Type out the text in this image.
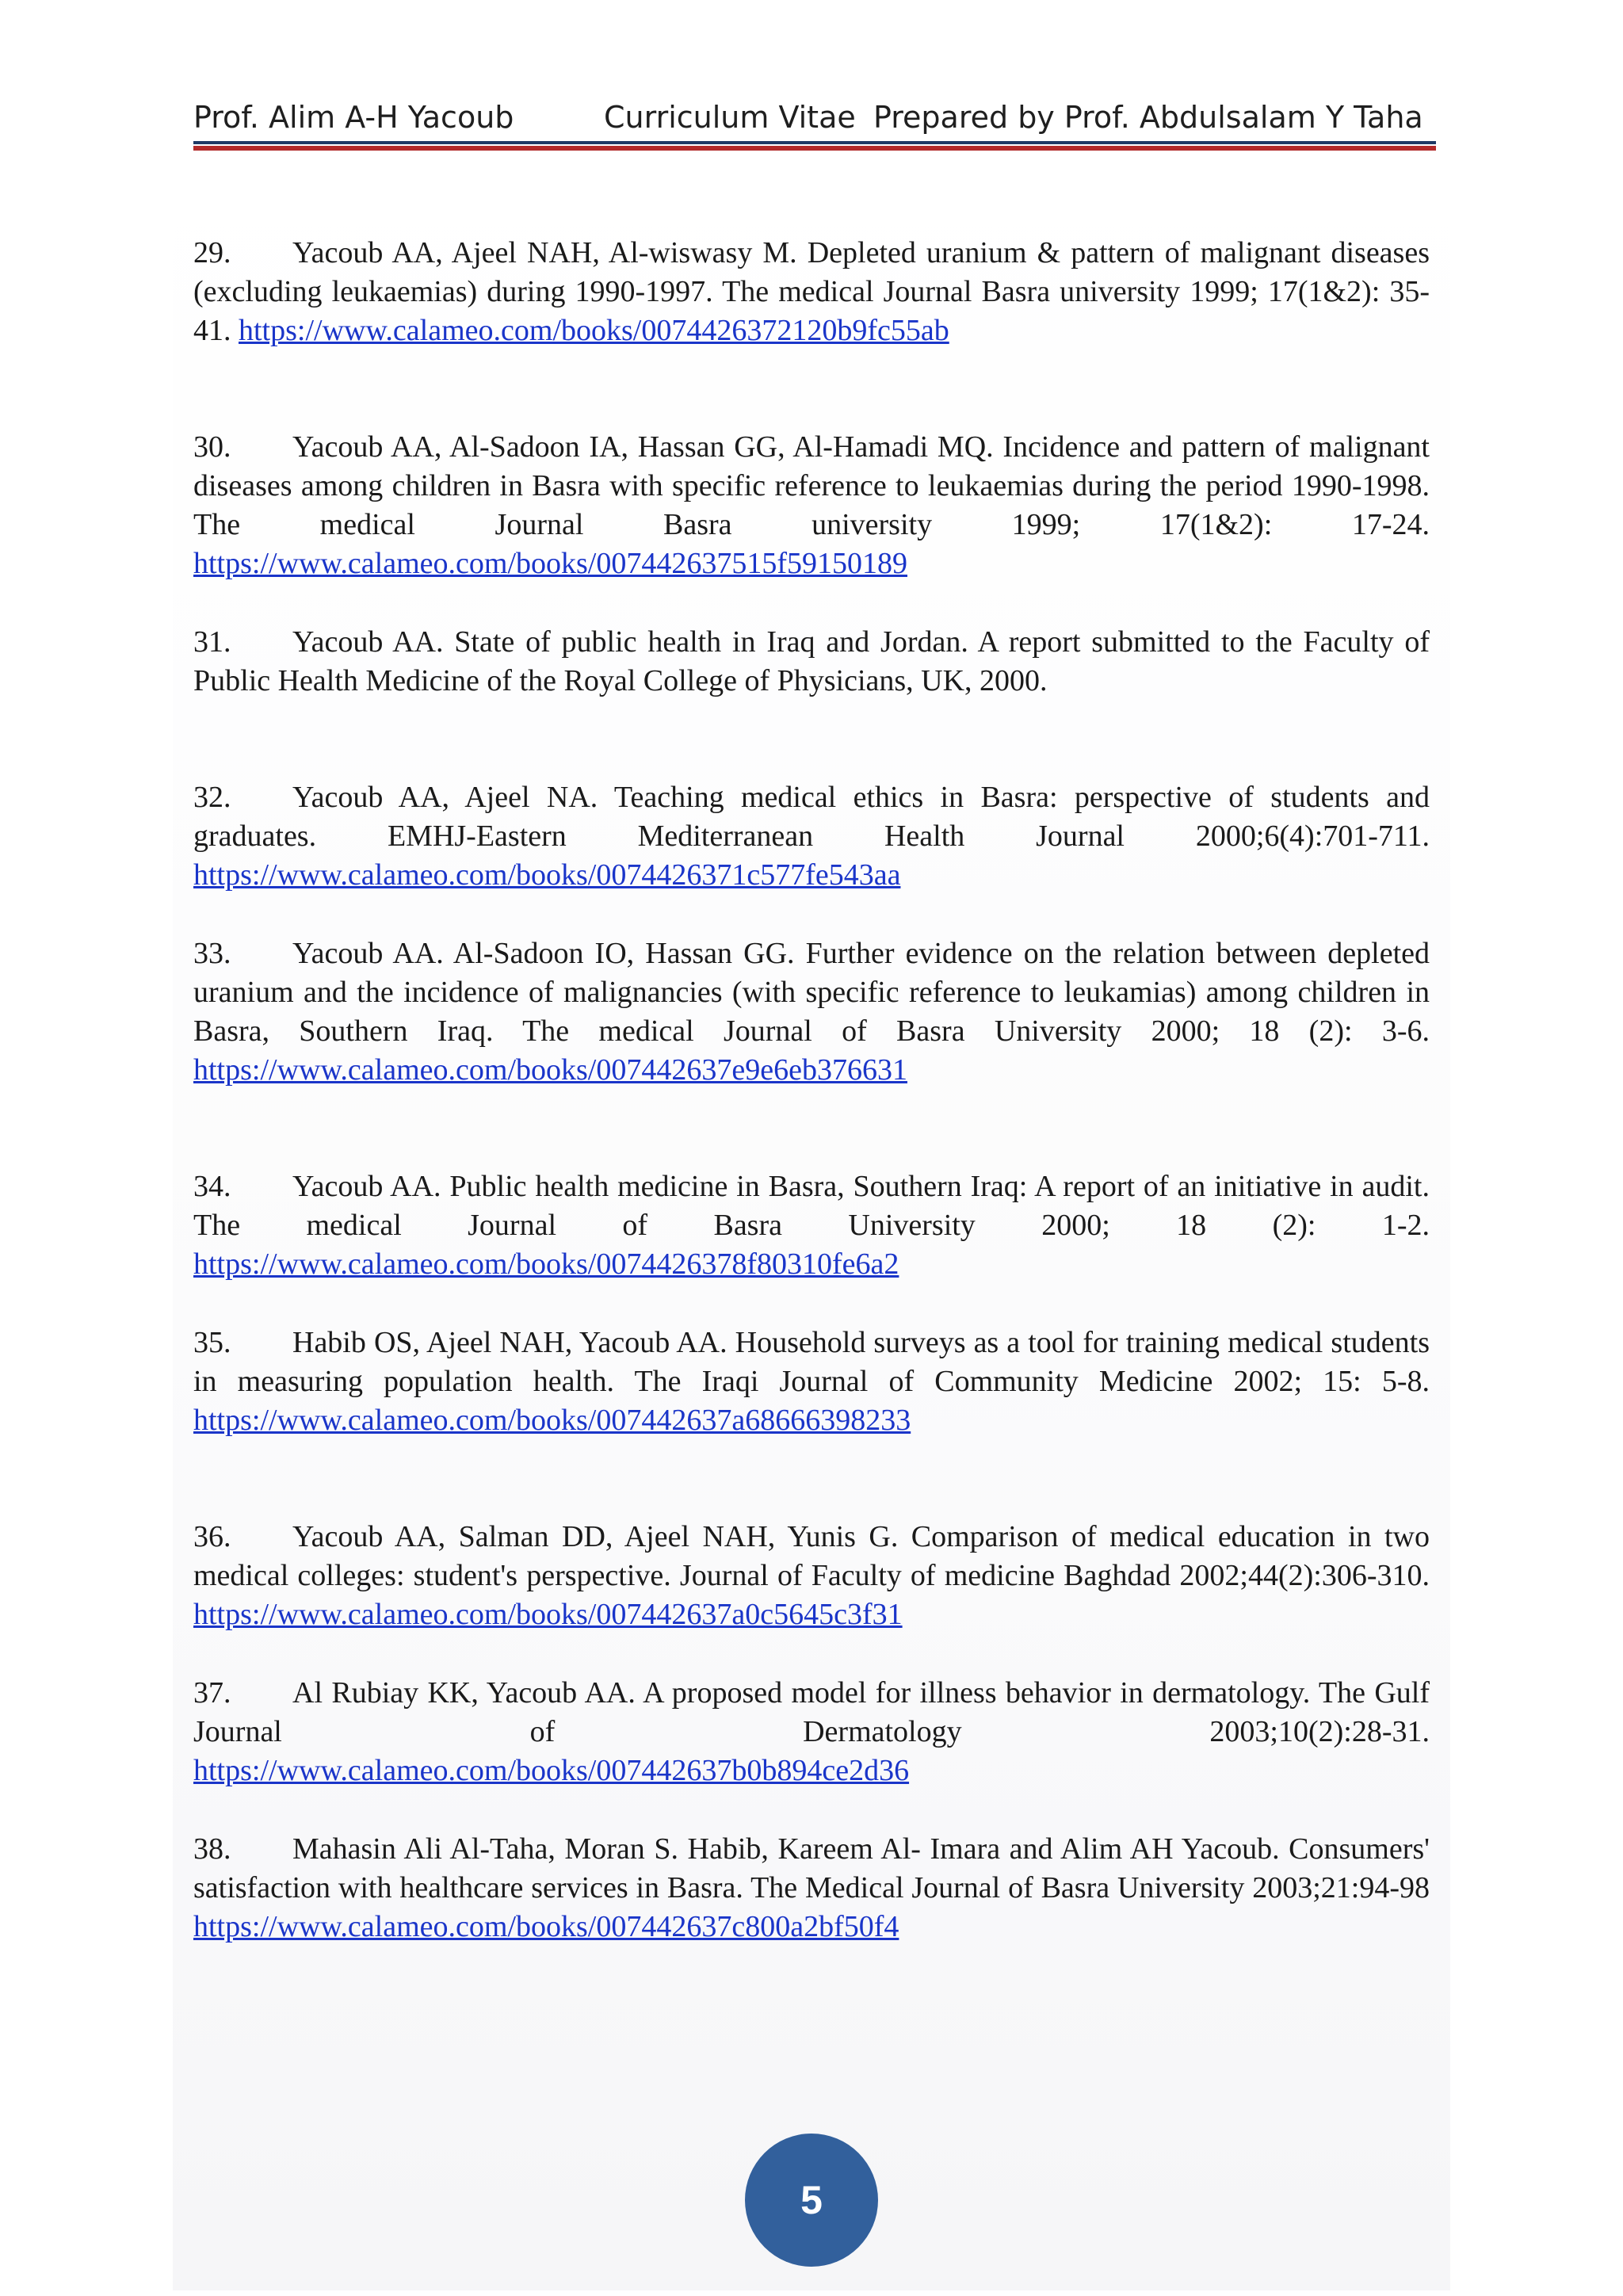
Prof. Alim A-H Yacoub	Curriculum Vitae Prepared by Prof. Abdulsalam Y Taha
29. Yacoub AA, Ajeel NAH, Al-wiswasy M. Depleted uranium & pattern of malignant diseases (excluding leukaemias) during 1990-1997. The medical Journal Basra university 1999; 17(1&2): 35-41. https://www.calameo.com/books/0074426372120b9fc55ab
30. Yacoub AA, Al-Sadoon IA, Hassan GG, Al-Hamadi MQ. Incidence and pattern of malignant diseases among children in Basra with specific reference to leukaemias during the period 1990-1998. The medical Journal Basra university 1999; 17(1&2): 17-24. https://www.calameo.com/books/007442637515f59150189
31. Yacoub AA. State of public health in Iraq and Jordan. A report submitted to the Faculty of Public Health Medicine of the Royal College of Physicians, UK, 2000.
32. Yacoub AA, Ajeel NA. Teaching medical ethics in Basra: perspective of students and graduates. EMHJ-Eastern Mediterranean Health Journal 2000;6(4):701-711. https://www.calameo.com/books/0074426371c577fe543aa
33. Yacoub AA. Al-Sadoon IO, Hassan GG. Further evidence on the relation between depleted uranium and the incidence of malignancies (with specific reference to leukamias) among children in Basra, Southern Iraq. The medical Journal of Basra University 2000; 18 (2): 3-6. https://www.calameo.com/books/007442637e9e6eb376631
34. Yacoub AA. Public health medicine in Basra, Southern Iraq: A report of an initiative in audit. The medical Journal of Basra University 2000; 18 (2): 1-2. https://www.calameo.com/books/0074426378f80310fe6a2
35. Habib OS, Ajeel NAH, Yacoub AA. Household surveys as a tool for training medical students in measuring population health. The Iraqi Journal of Community Medicine 2002; 15: 5-8. https://www.calameo.com/books/007442637a68666398233
36. Yacoub AA, Salman DD, Ajeel NAH, Yunis G. Comparison of medical education in two medical colleges: student's perspective. Journal of Faculty of medicine Baghdad 2002;44(2):306-310. https://www.calameo.com/books/007442637a0c5645c3f31
37. Al Rubiay KK, Yacoub AA. A proposed model for illness behavior in dermatology. The Gulf Journal of Dermatology 2003;10(2):28-31. https://www.calameo.com/books/007442637b0b894ce2d36
38. Mahasin Ali Al-Taha, Moran S. Habib, Kareem Al- Imara and Alim AH Yacoub. Consumers' satisfaction with healthcare services in Basra. The Medical Journal of Basra University 2003;21:94-98 https://www.calameo.com/books/007442637c800a2bf50f4
5
